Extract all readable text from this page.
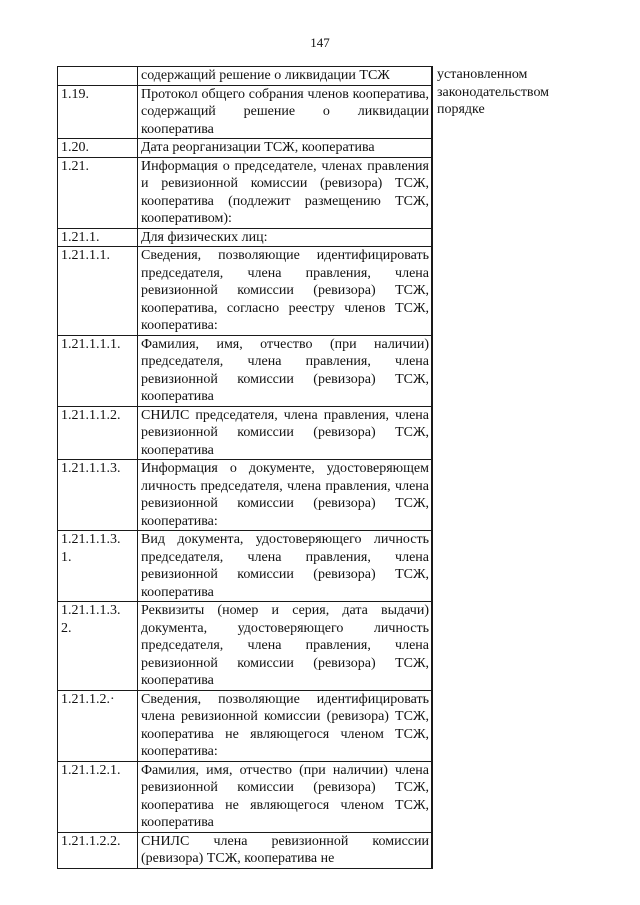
147
	содержащий решение о ликвидации ТСЖ

1.19.	Протокол общего собрания членов кооператива, содержащий решение о ликвидации кооператива

1.20.	Дата реорганизации ТСЖ, кооператива

1.21.	Информация о председателе, членах правления и ревизионной комиссии (ревизора) ТСЖ, кооператива (подлежит размещению ТСЖ, кооперативом):

1.21.1.	Для физических лиц:

1.21.1.1.	Сведения, позволяющие идентифицировать председателя, члена правления, члена ревизионной комиссии (ревизора) ТСЖ, кооператива, согласно реестру членов ТСЖ, кооператива:

1.21.1.1.1.	Фамилия, имя, отчество (при наличии) председателя, члена правления, члена ревизионной комиссии (ревизора) ТСЖ, кооператива

1.21.1.1.2.	СНИЛС председателя, члена правления, члена ревизионной комиссии (ревизора) ТСЖ, кооператива

1.21.1.1.3.	Информация о документе, удостоверяющем личность председателя, члена правления, члена ревизионной комиссии (ревизора) ТСЖ, кооператива:

1.21.1.1.3.
1.	Вид документа, удостоверяющего личность председателя, члена правления, члена ревизионной комиссии (ревизора) ТСЖ, кооператива

1.21.1.1.3.
2.	Реквизиты (номер и серия, дата выдачи) документа, удостоверяющего личность председателя, члена правления, члена ревизионной комиссии (ревизора) ТСЖ, кооператива

1.21.1.2.·	Сведения, позволяющие идентифицировать члена ревизионной комиссии (ревизора) ТСЖ, кооператива не являющегося членом ТСЖ, кооператива:

1.21.1.2.1.	Фамилия, имя, отчество (при наличии) члена ревизионной комиссии (ревизора) ТСЖ, кооператива не являющегося членом ТСЖ, кооператива

1.21.1.2.2.	СНИЛС члена ревизионной комиссии (ревизора) ТСЖ, кооператива не
установленном
законодательством
порядке
